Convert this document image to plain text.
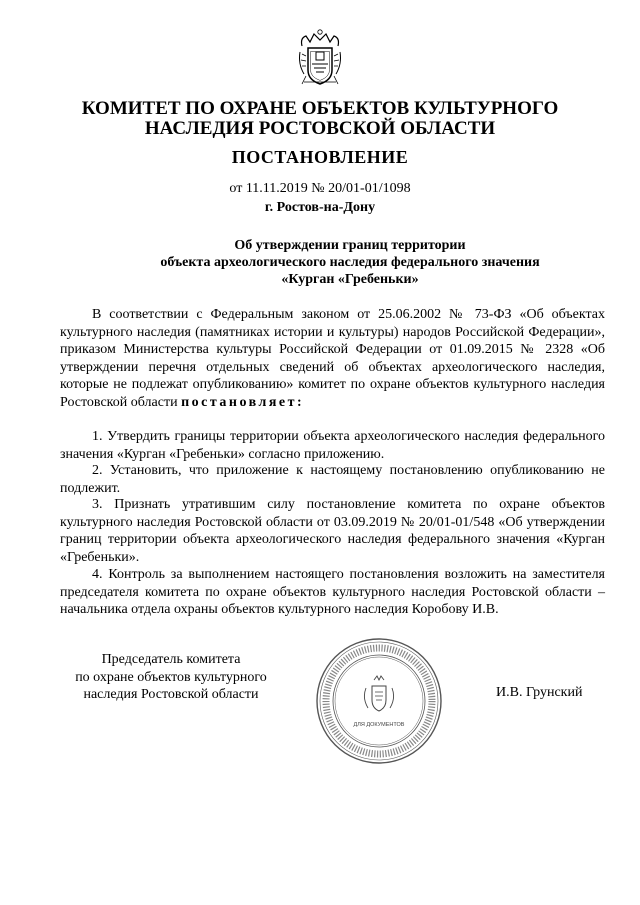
КОМИТЕТ ПО ОХРАНЕ ОБЪЕКТОВ КУЛЬТУРНОГО
НАСЛЕДИЯ РОСТОВСКОЙ ОБЛАСТИ
ПОСТАНОВЛЕНИЕ
от 11.11.2019 № 20/01-01/1098
г. Ростов-на-Дону
Об утверждении границ территории
объекта археологического наследия федерального значения
«Курган «Гребеньки»
В соответствии с Федеральным законом от 25.06.2002 № 73-ФЗ «Об объектах культурного наследия (памятниках истории и культуры) народов Российской Федерации», приказом Министерства культуры Российской Федерации от 01.09.2015 № 2328 «Об утверждении перечня отдельных сведений об объектах археологического наследия, которые не подлежат опубликованию» комитет по охране объектов культурного наследия Ростовской области постановляет:
1. Утвердить границы территории объекта археологического наследия федерального значения «Курган «Гребеньки» согласно приложению.
2. Установить, что приложение к настоящему постановлению опубликованию не подлежит.
3. Признать утратившим силу постановление комитета по охране объектов культурного наследия Ростовской области от 03.09.2019 № 20/01-01/548 «Об утверждении границ территории объекта археологического наследия федерального значения «Курган «Гребеньки».
4. Контроль за выполнением настоящего постановления возложить на заместителя председателя комитета по охране объектов культурного наследия Ростовской области – начальника отдела охраны объектов культурного наследия Коробову И.В.
Председатель комитета
по охране объектов культурного
наследия Ростовской области
ДЛЯ ДОКУМЕНТОВ
И.В. Грунский
